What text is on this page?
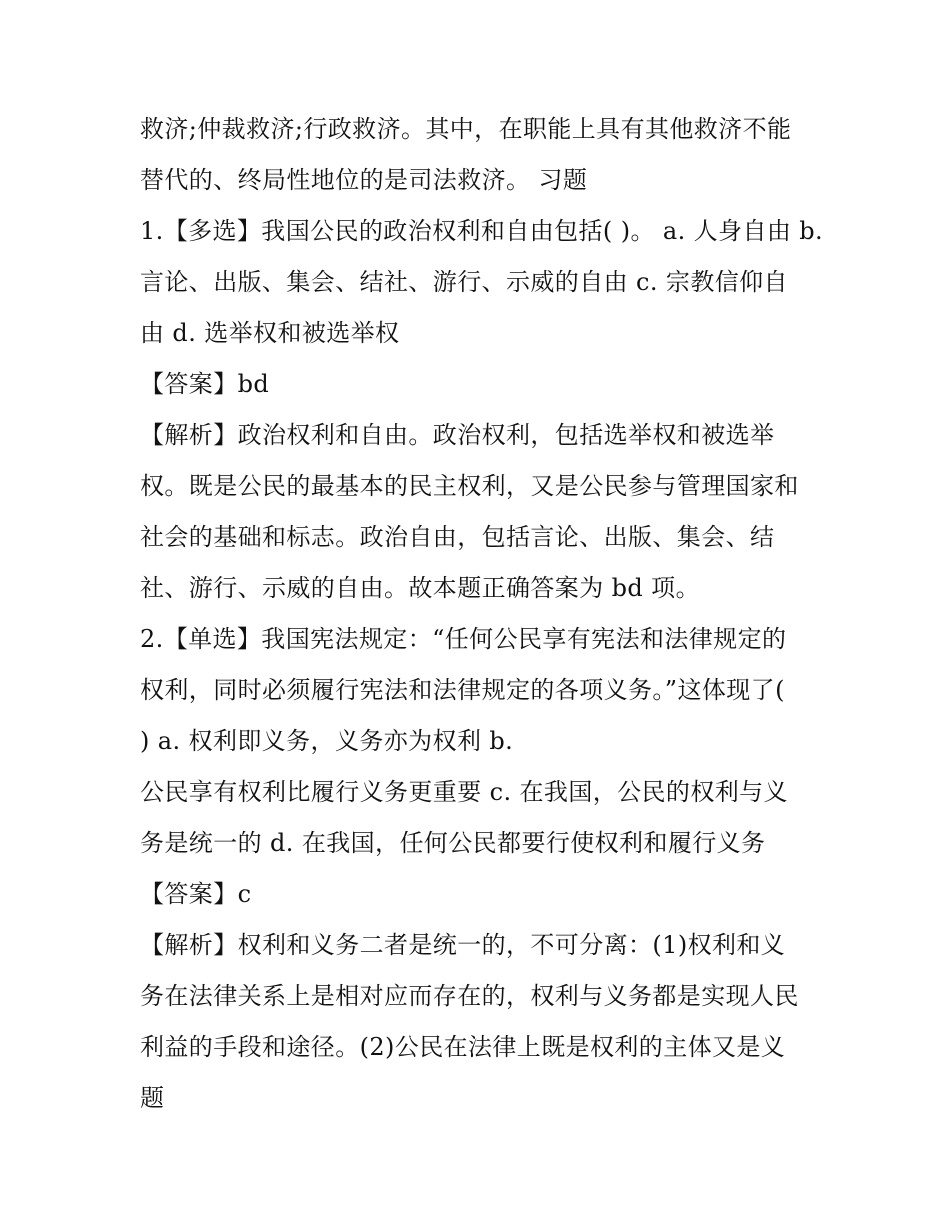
救济;仲裁救济;行政救济。其中，在职能上具有其他救济不能
替代的、终局性地位的是司法救济。 习题
1.【多选】我国公民的政治权利和自由包括( )。 a. 人身自由 b.
言论、出版、集会、结社、游行、示威的自由 c. 宗教信仰自
由 d. 选举权和被选举权
【答案】bd
【解析】政治权利和自由。政治权利，包括选举权和被选举
权。既是公民的最基本的民主权利，又是公民参与管理国家和
社会的基础和标志。政治自由，包括言论、出版、集会、结
社、游行、示威的自由。故本题正确答案为 bd 项。
2.【单选】我国宪法规定：“任何公民享有宪法和法律规定的
权利，同时必须履行宪法和法律规定的各项义务。”这体现了(
) a. 权利即义务，义务亦为权利 b.
公民享有权利比履行义务更重要 c. 在我国，公民的权利与义
务是统一的 d. 在我国，任何公民都要行使权利和履行义务
【答案】c
【解析】权利和义务二者是统一的，不可分离：(1)权利和义
务在法律关系上是相对应而存在的，权利与义务都是实现人民
利益的手段和途径。(2)公民在法律上既是权利的主体又是义
题
